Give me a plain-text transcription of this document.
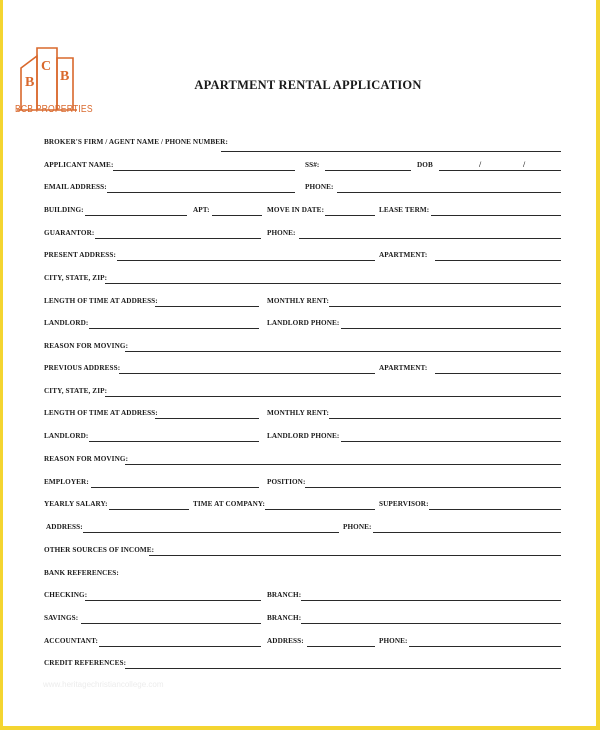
B
C
B
BCB PROPERTIES
APARTMENT RENTAL APPLICATION
BROKER'S FIRM / AGENT NAME / PHONE NUMBER:
APPLICANT NAME:	SS#:	DOB	/	/
EMAIL ADDRESS:	PHONE:
BUILDING:	APT:	MOVE IN DATE:	LEASE TERM:
GUARANTOR:	PHONE:
PRESENT ADDRESS:	APARTMENT:
CITY, STATE, ZIP:
LENGTH OF TIME AT ADDRESS:	MONTHLY RENT:
LANDLORD:	LANDLORD PHONE:
REASON FOR MOVING:
PREVIOUS ADDRESS:	APARTMENT:
CITY, STATE, ZIP:
LENGTH OF TIME AT ADDRESS:	MONTHLY RENT:
LANDLORD:	LANDLORD PHONE:
REASON FOR MOVING:
EMPLOYER:	POSITION:
YEARLY SALARY:	TIME AT COMPANY:	SUPERVISOR:
ADDRESS:	PHONE:
OTHER SOURCES OF INCOME:
BANK REFERENCES:
CHECKING:	BRANCH:
SAVINGS:	BRANCH:
ACCOUNTANT:	ADDRESS:	PHONE:
CREDIT REFERENCES:
www.heritagechristiancollege.com
